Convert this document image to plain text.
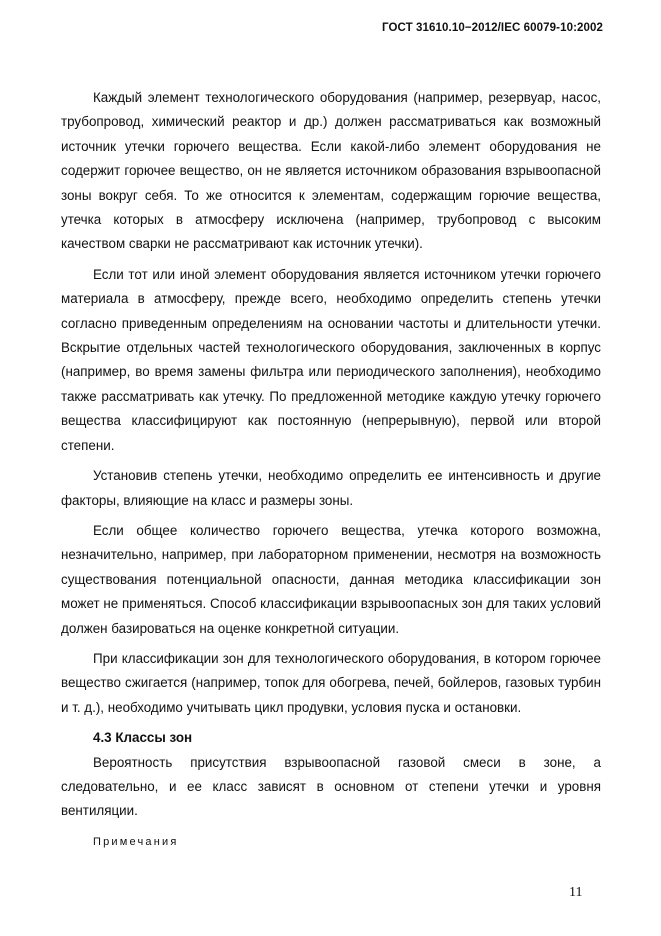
ГОСТ 31610.10−2012/IEC 60079-10:2002

Каждый элемент технологического оборудования (например, резервуар, насос, трубопровод, химический реактор и др.) должен рассматриваться как возможный источник утечки горючего вещества. Если какой-либо элемент оборудования не содержит горючее вещество, он не является источником образования взрывоопасной зоны вокруг себя. То же относится к элементам, содержащим горючие вещества, утечка которых в атмосферу исключена (например, трубопровод с высоким качеством сварки не рассматривают как источник утечки).

Если тот или иной элемент оборудования является источником утечки горючего материала в атмосферу, прежде всего, необходимо определить степень утечки согласно приведенным определениям на основании частоты и длительности утечки. Вскрытие отдельных частей технологического оборудования, заключенных в корпус (например, во время замены фильтра или периодического заполнения), необходимо также рассматривать как утечку. По предложенной методике каждую утечку горючего вещества классифицируют как постоянную (непрерывную), первой или второй степени.

Установив степень утечки, необходимо определить ее интенсивность и другие факторы, влияющие на класс и размеры зоны.

Если общее количество горючего вещества, утечка которого возможна, незначительно, например, при лабораторном применении, несмотря на возможность существования потенциальной опасности, данная методика классификации зон может не применяться. Способ классификации взрывоопасных зон для таких условий должен базироваться на оценке конкретной ситуации.

При классификации зон для технологического оборудования, в котором горючее вещество сжигается (например, топок для обогрева, печей, бойлеров, газовых турбин и т. д.), необходимо учитывать цикл продувки, условия пуска и остановки.

4.3 Классы зон

Вероятность присутствия взрывоопасной газовой смеси в зоне, а следовательно, и ее класс зависят в основном от степени утечки и уровня вентиляции.

Примечания

11
